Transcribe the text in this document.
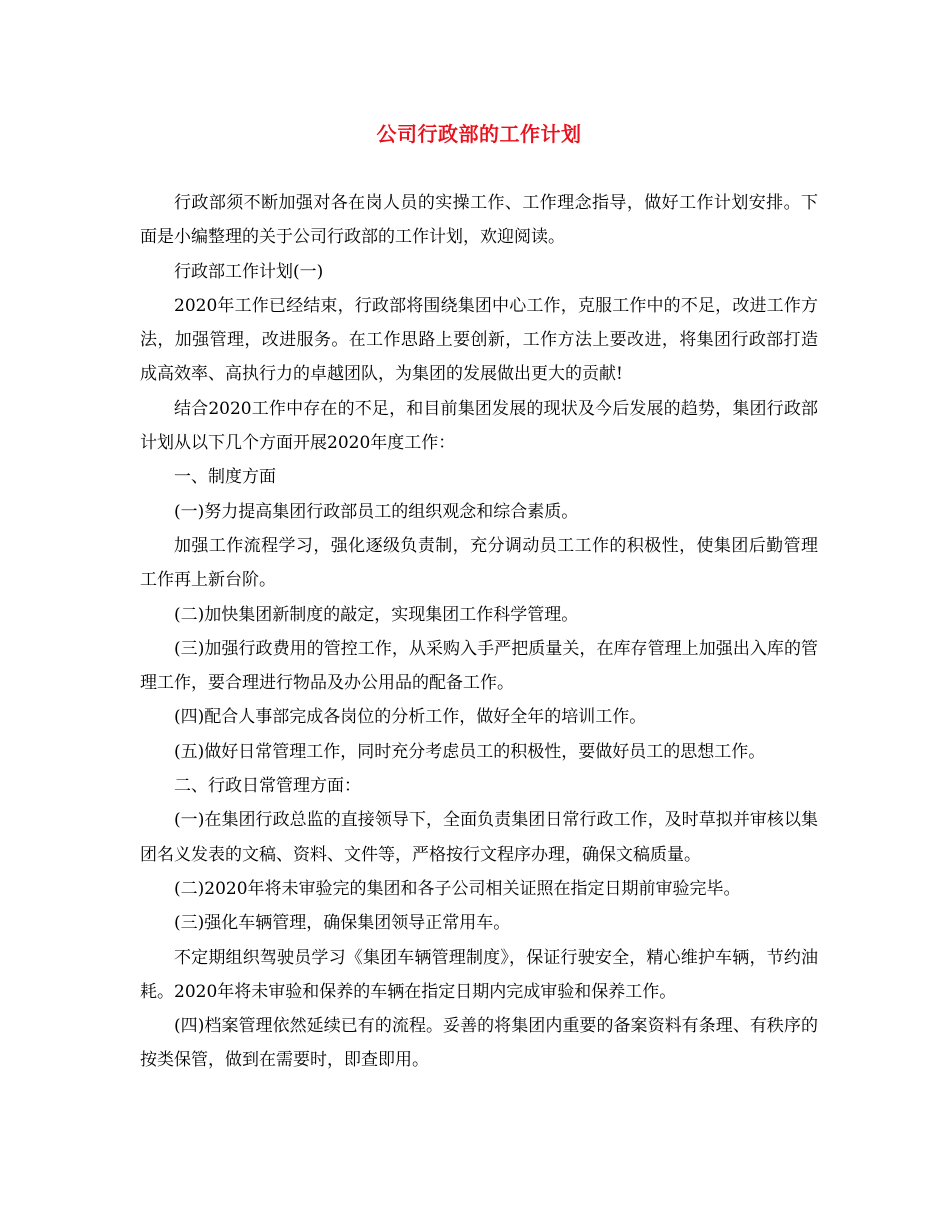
公司行政部的工作计划

行政部须不断加强对各在岗人员的实操工作、工作理念指导，做好工作计划安排。下面是小编整理的关于公司行政部的工作计划，欢迎阅读。

行政部工作计划(一)

2020年工作已经结束，行政部将围绕集团中心工作，克服工作中的不足，改进工作方法，加强管理，改进服务。在工作思路上要创新，工作方法上要改进，将集团行政部打造成高效率、高执行力的卓越团队，为集团的发展做出更大的贡献!

结合2020工作中存在的不足，和目前集团发展的现状及今后发展的趋势，集团行政部计划从以下几个方面开展2020年度工作：

一、制度方面

(一)努力提高集团行政部员工的组织观念和综合素质。

加强工作流程学习，强化逐级负责制，充分调动员工工作的积极性，使集团后勤管理工作再上新台阶。

(二)加快集团新制度的敲定，实现集团工作科学管理。

(三)加强行政费用的管控工作，从采购入手严把质量关，在库存管理上加强出入库的管理工作，要合理进行物品及办公用品的配备工作。

(四)配合人事部完成各岗位的分析工作，做好全年的培训工作。

(五)做好日常管理工作，同时充分考虑员工的积极性，要做好员工的思想工作。

二、行政日常管理方面：

(一)在集团行政总监的直接领导下，全面负责集团日常行政工作，及时草拟并审核以集团名义发表的文稿、资料、文件等，严格按行文程序办理，确保文稿质量。

(二)2020年将未审验完的集团和各子公司相关证照在指定日期前审验完毕。

(三)强化车辆管理，确保集团领导正常用车。

不定期组织驾驶员学习《集团车辆管理制度》，保证行驶安全，精心维护车辆，节约油耗。2020年将未审验和保养的车辆在指定日期内完成审验和保养工作。

(四)档案管理依然延续已有的流程。妥善的将集团内重要的备案资料有条理、有秩序的按类保管，做到在需要时，即查即用。
